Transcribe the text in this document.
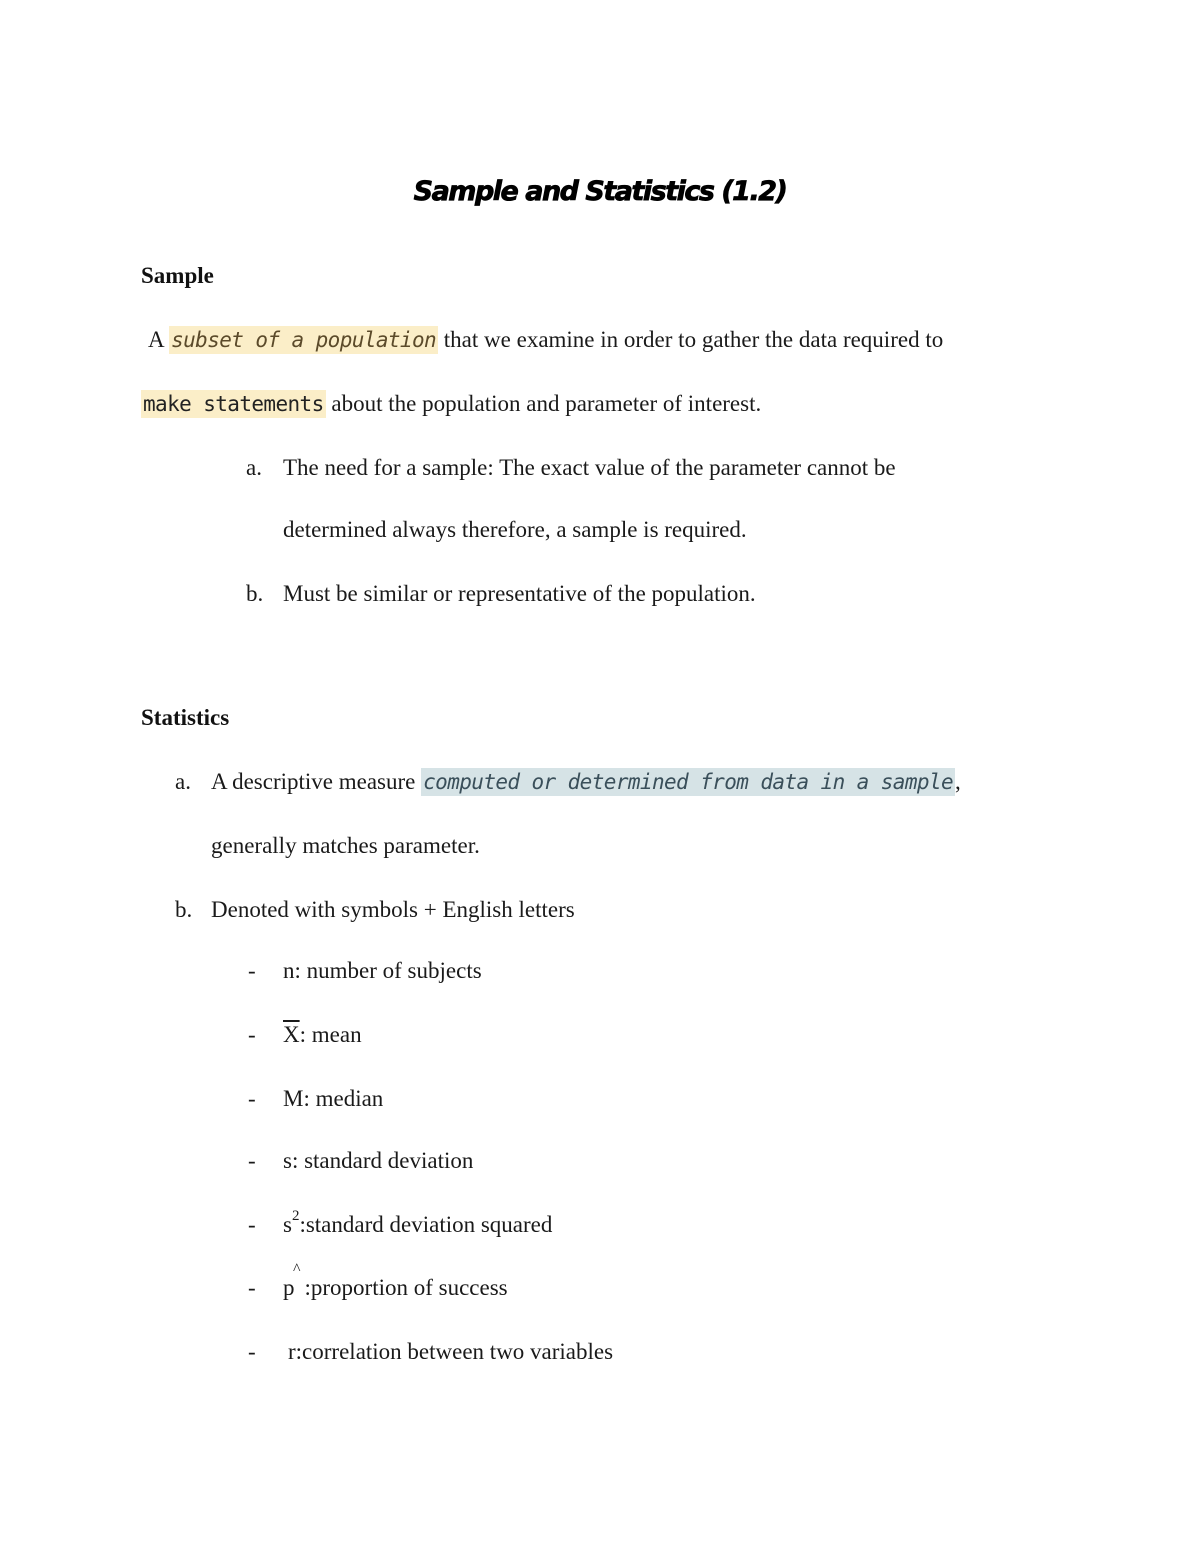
Sample and Statistics (1.2)
Sample
A subset of a population that we examine in order to gather the data required to
make statements about the population and parameter of interest.
a. The need for a sample: The exact value of the parameter cannot be
determined always therefore, a sample is required.
b. Must be similar or representative of the population.
Statistics
a. A descriptive measure computed or determined from data in a sample,
generally matches parameter.
b. Denoted with symbols + English letters
- n: number of subjects
- $\overline{X}$: mean
- M: median
- s: standard deviation
- $s^2:standard$ deviation squared
- p
^
:proportion of success
- r:correlation between two variables
